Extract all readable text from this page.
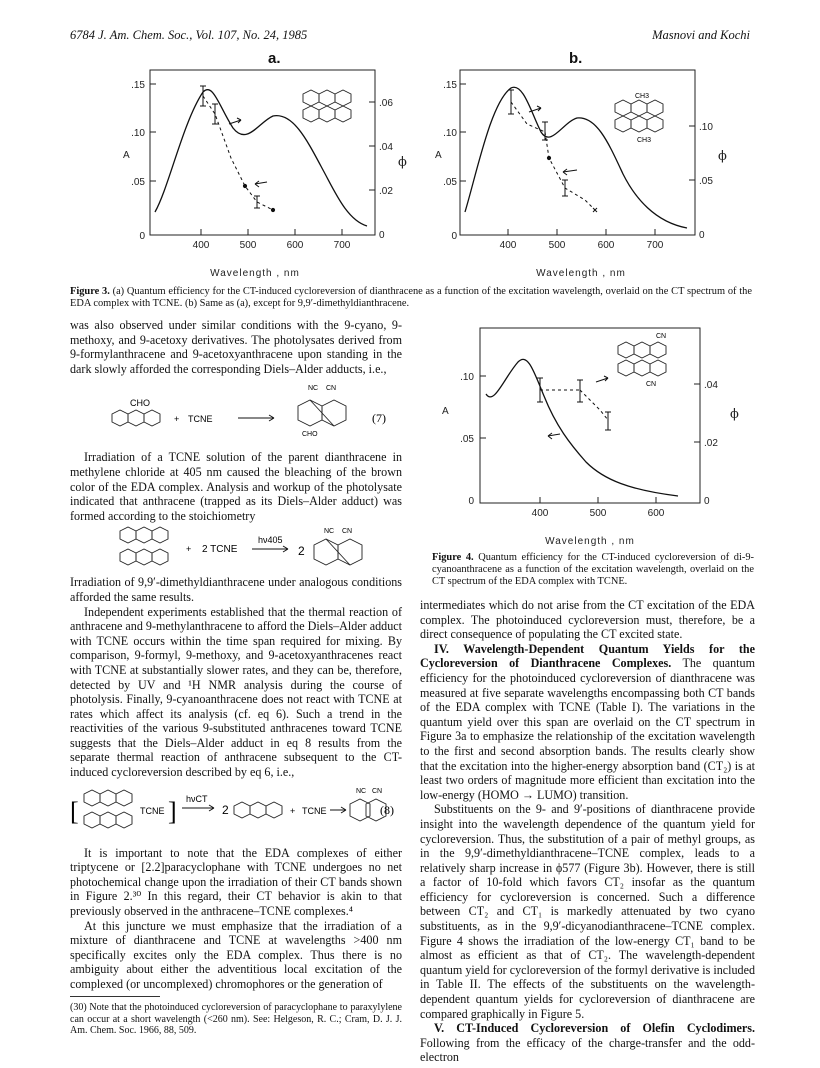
6784 J. Am. Chem. Soc., Vol. 107, No. 24, 1985	Masnovi and Kochi
a.
.15
.10
.05
0
A
.06
.04
.02
0
ϕ
400	500	600	700
Wavelength , nm
b.
.15
.10
.05
0
A
.10
.05
0
ϕ
400	500	600	700
Wavelength , nm
CH3
CH3
Figure 3. (a) Quantum efficiency for the CT-induced cycloreversion of dianthracene as a function of the excitation wavelength, overlaid on the CT spectrum of the EDA complex with TCNE. (b) Same as (a), except for 9,9′-dimethyldianthracene.

was also observed under similar conditions with the 9-cyano, 9-methoxy, and 9-acetoxy derivatives. The photolysates derived from 9-formylanthracene and 9-acetoxyanthracene upon standing in the dark slowly afforded the corresponding Diels–Alder adducts, i.e.,

CHO
+ TCNE
NC CN
CHO
(7)

Irradiation of a TCNE solution of the parent dianthracene in methylene chloride at 405 nm caused the bleaching of the brown color of the EDA complex. Analysis and workup of the photolysate indicated that anthracene (trapped as its Diels–Alder adduct) was formed according to the stoichiometry

+ 2 TCNE
hν405
2
NC CN

Irradiation of 9,9′-dimethyldianthracene under analogous conditions afforded the same results.

Independent experiments established that the thermal reaction of anthracene and 9-methylanthracene to afford the Diels–Alder adduct with TCNE occurs within the time span required for mixing. By comparison, 9-formyl, 9-methoxy, and 9-acetoxyanthracenes react with TCNE at substantially slower rates, and they can be, therefore, detected by UV and ¹H NMR analysis during the course of photolysis. Finally, 9-cyanoanthracene does not react with TCNE at rates which affect its analysis (cf. eq 6). Such a trend in the reactivities of the various 9-substituted anthracenes toward TCNE suggests that the Diels–Alder adduct in eq 8 results from the separate thermal reaction of anthracene subsequent to the CT-induced cycloreversion described by eq 6, i.e.,

[	TCNE ] hνCT
2	+ TCNE
NC CN
(8)

It is important to note that the EDA complexes of either triptycene or [2.2]paracyclophane with TCNE undergoes no net photochemical change upon the irradiation of their CT bands shown in Figure 2.³⁰ In this regard, their CT behavior is akin to that previously observed in the anthracene–TCNE complexes.⁴

At this juncture we must emphasize that the irradiation of a mixture of dianthracene and TCNE at wavelengths >400 nm specifically excites only the EDA complex. Thus there is no ambiguity about either the adventitious local excitation of the complexed (or uncomplexed) chromophores or the generation of

(30) Note that the photoinduced cycloreversion of paracyclophane to paraxylylene can occur at a short wavelength (<260 nm). See: Helgeson, R. C.; Cram, D. J. J. Am. Chem. Soc. 1966, 88, 509.
.10
.05
0
A
.04
.02
0
ϕ
400	500	600
Wavelength , nm
CN
CN
Figure 4. Quantum efficiency for the CT-induced cycloreversion of di-9-cyanoanthracene as a function of the excitation wavelength, overlaid on the CT spectrum of the EDA complex with TCNE.

intermediates which do not arise from the CT excitation of the EDA complex. The photoinduced cycloreversion must, therefore, be a direct consequence of populating the CT excited state.

IV. Wavelength-Dependent Quantum Yields for the Cycloreversion of Dianthracene Complexes. The quantum efficiency for the photoinduced cycloreversion of dianthracene was measured at five separate wavelengths encompassing both CT bands of the EDA complex with TCNE (Table I). The variations in the quantum yield over this span are overlaid on the CT spectrum in Figure 3a to emphasize the relationship of the excitation wavelength to the first and second absorption bands. The results clearly show that the excitation into the higher-energy absorption band (CT₂) is at least two orders of magnitude more efficient than excitation into the low-energy (HOMO → LUMO) transition.

Substituents on the 9- and 9′-positions of dianthracene provide insight into the wavelength dependence of the quantum yield for cycloreversion. Thus, the substitution of a pair of methyl groups, as in the 9,9′-dimethyldianthracene–TCNE complex, leads to a relatively sharp increase in ϕ577 (Figure 3b). However, there is still a factor of 10-fold which favors CT₂ insofar as the quantum efficiency for cycloreversion is concerned. Such a difference between CT₂ and CT₁ is markedly attenuated by two cyano substituents, as in the 9,9′-dicyanodianthracene–TCNE complex. Figure 4 shows the irradiation of the low-energy CT₁ band to be almost as efficient as that of CT₂. The wavelength-dependent quantum yield for cycloreversion of the formyl derivative is included in Table II. The effects of the substituents on the wavelength-dependent quantum yields for cycloreversion of dianthracene are compared graphically in Figure 5.

V. CT-Induced Cycloreversion of Olefin Cyclodimers. Following from the efficacy of the charge-transfer and the odd-electron
